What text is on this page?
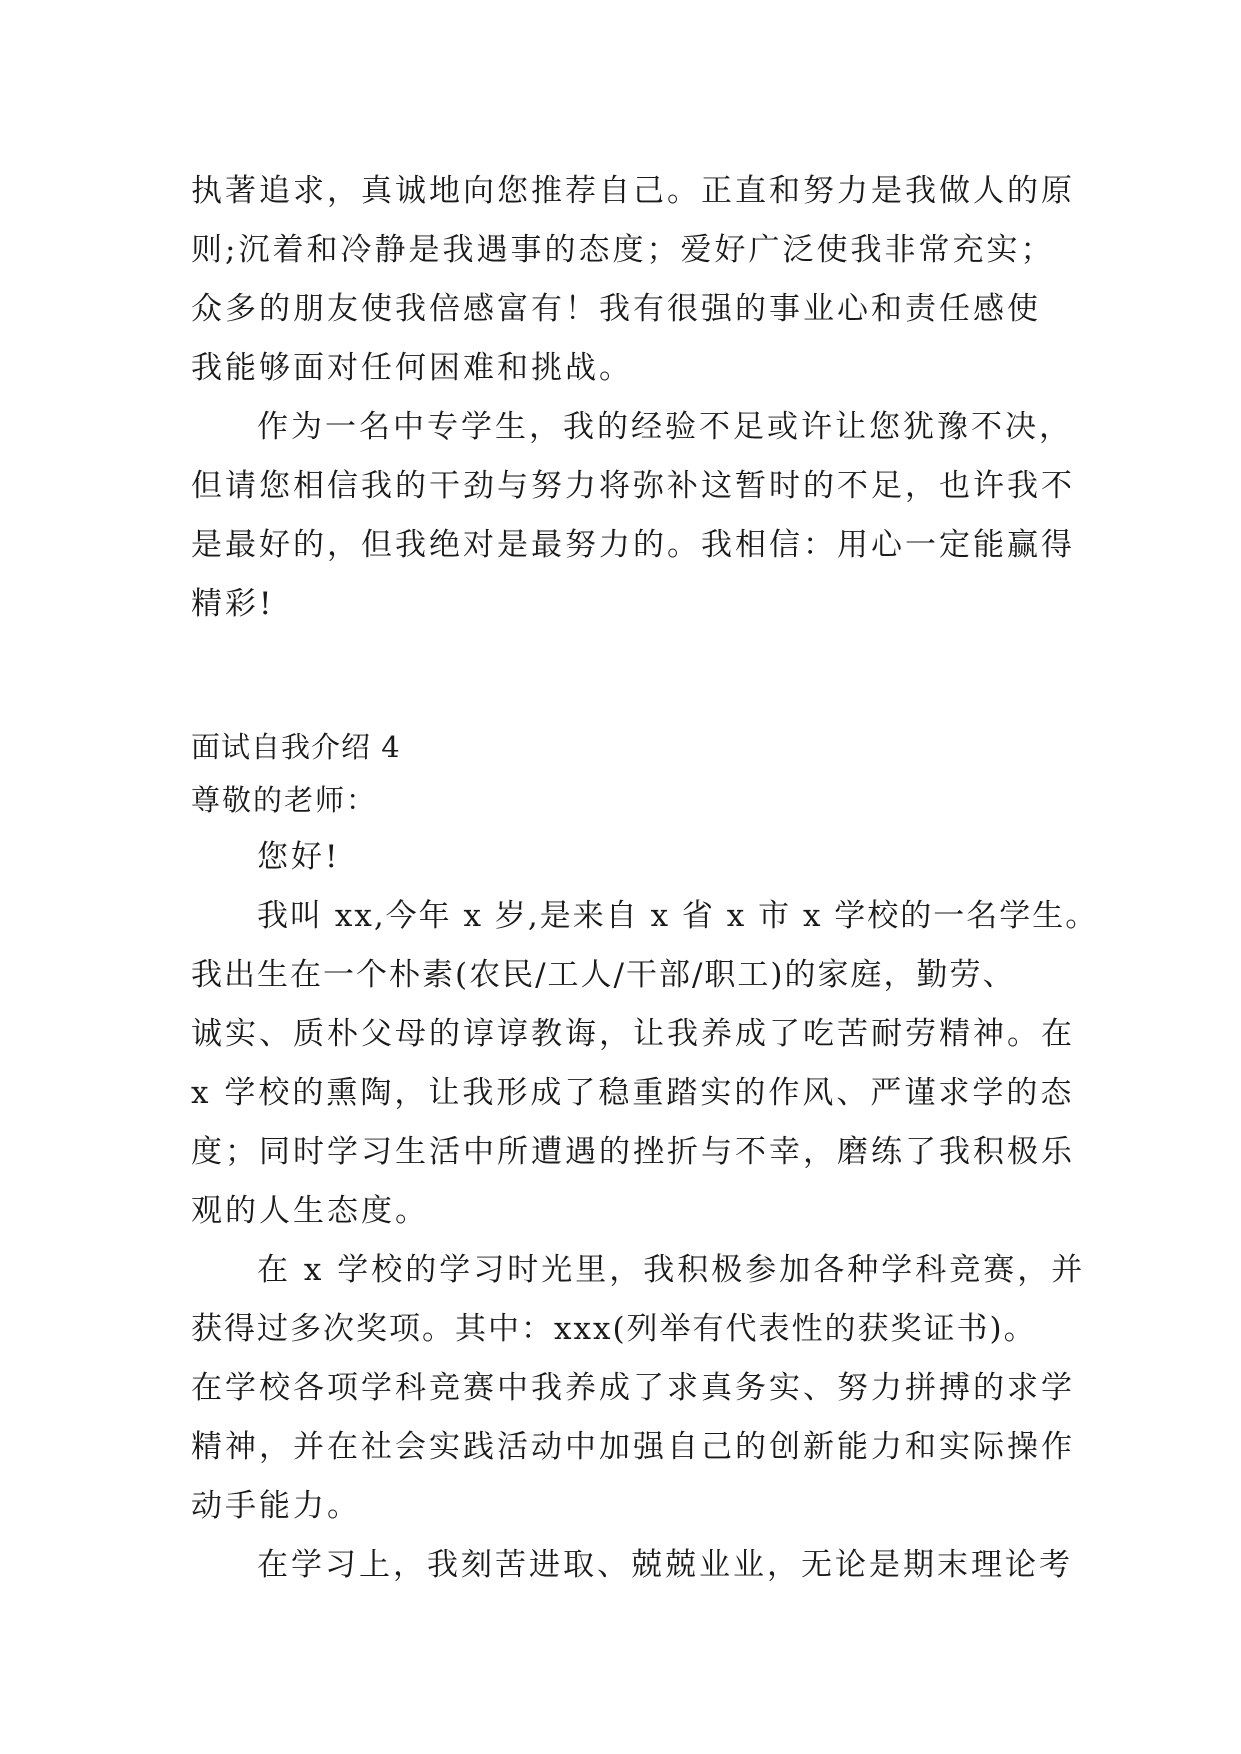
执著追求，真诚地向您推荐自己。正直和努力是我做人的原
则;沉着和冷静是我遇事的态度；爱好广泛使我非常充实；
众多的朋友使我倍感富有！我有很强的事业心和责任感使
我能够面对任何困难和挑战。
作为一名中专学生，我的经验不足或许让您犹豫不决，
但请您相信我的干劲与努力将弥补这暂时的不足，也许我不
是最好的，但我绝对是最努力的。我相信：用心一定能赢得
精彩!
面试自我介绍 4
尊敬的老师：
您好!
我叫 xx,今年 x 岁,是来自 x 省 x 市 x 学校的一名学生。
我出生在一个朴素(农民/工人/干部/职工)的家庭，勤劳、
诚实、质朴父母的谆谆教诲，让我养成了吃苦耐劳精神。在
x 学校的熏陶，让我形成了稳重踏实的作风、严谨求学的态
度；同时学习生活中所遭遇的挫折与不幸，磨练了我积极乐
观的人生态度。
在 x 学校的学习时光里，我积极参加各种学科竞赛，并
获得过多次奖项。其中：xxx(列举有代表性的获奖证书)。
在学校各项学科竞赛中我养成了求真务实、努力拼搏的求学
精神，并在社会实践活动中加强自己的创新能力和实际操作
动手能力。
在学习上，我刻苦进取、兢兢业业，无论是期末理论考
